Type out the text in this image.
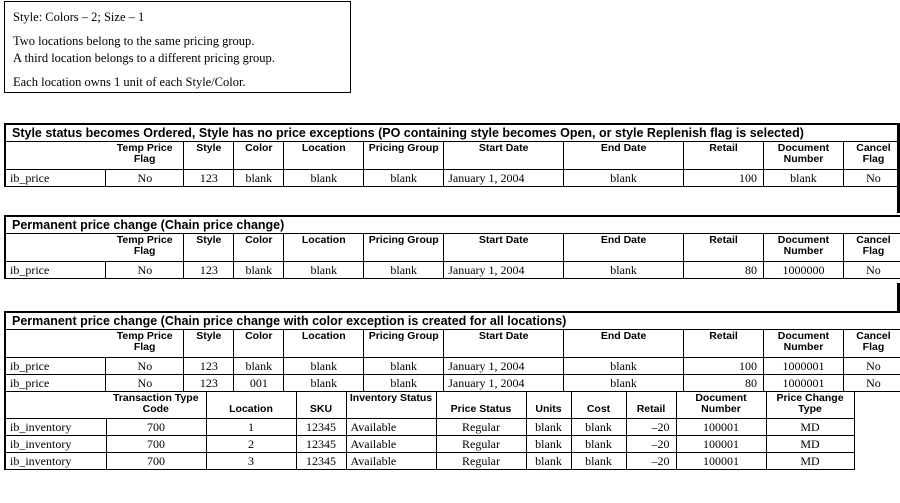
Style: Colors – 2; Size – 1
Two locations belong to the same pricing group.
A third location belongs to a different pricing group.
Each location owns 1 unit of each Style/Color.
Style status becomes Ordered, Style has no price exceptions (PO containing style becomes Open, or style Replenish flag is selected)
	Temp Price Flag	Style	Color	Location	Pricing Group	Start Date	End Date	Retail	Document Number	Cancel Flag
ib_price	No	123	blank	blank	blank	January 1, 2004	blank	100	blank	No
Permanent price change (Chain price change)
	Temp Price Flag	Style	Color	Location	Pricing Group	Start Date	End Date	Retail	Document Number	Cancel Flag
ib_price	No	123	blank	blank	blank	January 1, 2004	blank	80	1000000	No
Permanent price change (Chain price change with color exception is created for all locations)
	Temp Price Flag	Style	Color	Location	Pricing Group	Start Date	End Date	Retail	Document Number	Cancel Flag
ib_price	No	123	blank	blank	blank	January 1, 2004	blank	100	1000001	No
ib_price	No	123	001	blank	blank	January 1, 2004	blank	80	1000001	No
	Transaction Type Code	Location	SKU	Inventory Status	Price Status	Units	Cost	Retail	Document Number	Price Change Type
ib_inventory	700	1	12345	Available	Regular	blank	blank	–20	100001	MD
ib_inventory	700	2	12345	Available	Regular	blank	blank	–20	100001	MD
ib_inventory	700	3	12345	Available	Regular	blank	blank	–20	100001	MD
